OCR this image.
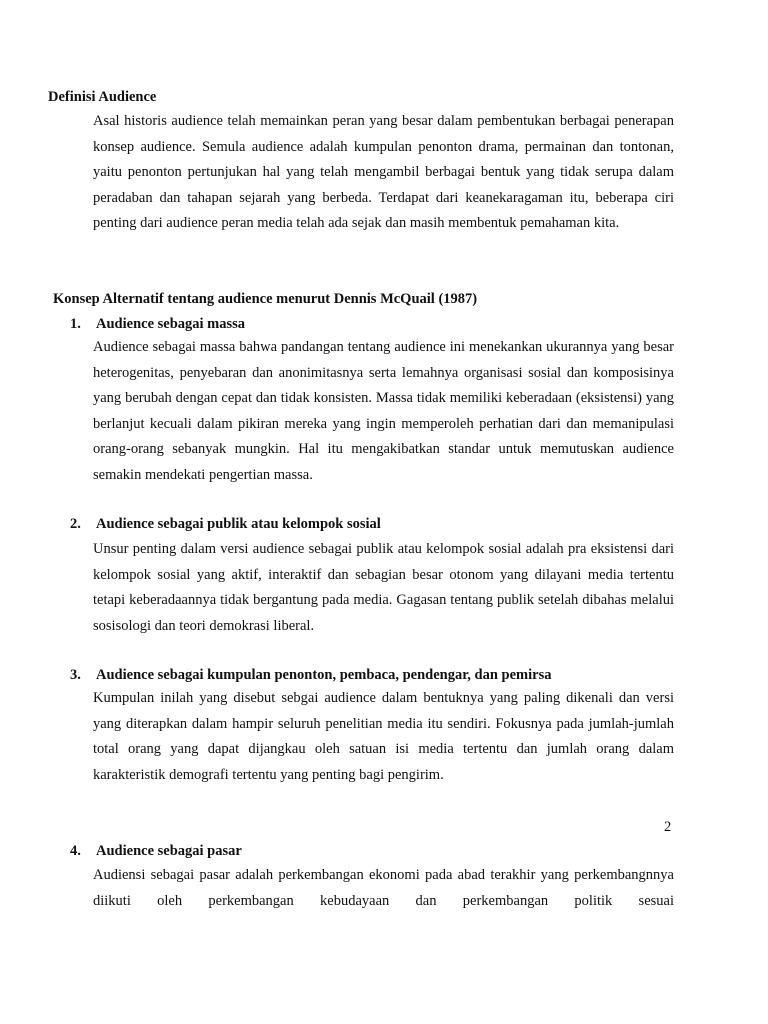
Definisi Audience
Asal historis audience telah memainkan peran yang besar dalam pembentukan berbagai penerapan konsep audience. Semula audience adalah kumpulan penonton drama, permainan dan tontonan, yaitu penonton pertunjukan hal yang telah mengambil berbagai bentuk yang tidak serupa dalam peradaban dan tahapan sejarah yang berbeda. Terdapat dari keanekaragaman itu, beberapa ciri penting dari audience peran media telah ada sejak dan masih membentuk pemahaman kita.
Konsep Alternatif tentang audience menurut Dennis McQuail (1987)
1. Audience sebagai massa
Audience sebagai massa bahwa pandangan tentang audience ini menekankan ukurannya yang besar heterogenitas, penyebaran dan anonimitasnya serta lemahnya organisasi sosial dan komposisinya yang berubah dengan cepat dan tidak konsisten. Massa tidak memiliki keberadaan (eksistensi) yang berlanjut kecuali dalam pikiran mereka yang ingin memperoleh perhatian dari dan memanipulasi orang-orang sebanyak mungkin. Hal itu mengakibatkan standar untuk memutuskan audience semakin mendekati pengertian massa.
2. Audience sebagai publik atau kelompok sosial
Unsur penting dalam versi audience sebagai publik atau kelompok sosial adalah pra eksistensi dari kelompok sosial yang aktif, interaktif dan sebagian besar otonom yang dilayani media tertentu tetapi keberadaannya tidak bergantung pada media. Gagasan tentang publik setelah dibahas melalui sosisologi dan teori demokrasi liberal.
3. Audience sebagai kumpulan penonton, pembaca, pendengar, dan pemirsa
Kumpulan inilah yang disebut sebgai audience dalam bentuknya yang paling dikenali dan versi yang diterapkan dalam hampir seluruh penelitian media itu sendiri. Fokusnya pada jumlah-jumlah total orang yang dapat dijangkau oleh satuan isi media tertentu dan jumlah orang dalam karakteristik demografi tertentu yang penting bagi pengirim.
2
4. Audience sebagai pasar
Audiensi sebagai pasar adalah perkembangan ekonomi pada abad terakhir yang perkembangnnya diikuti oleh perkembangan kebudayaan dan perkembangan politik sesuai
